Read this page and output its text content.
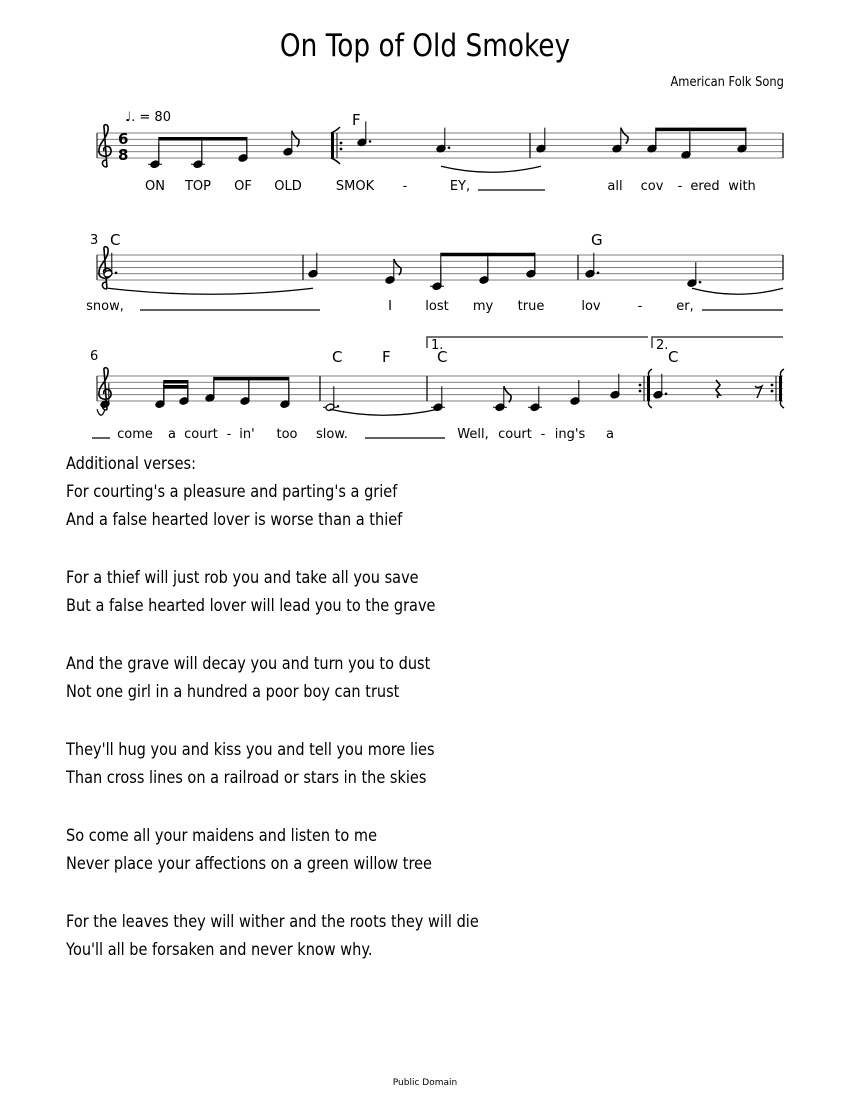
On Top of Old Smokey
American Folk Song
ON TOP OF OLD	SMOK -	EY,	all cov - ered with
F
snow,	I	lost my true	lov	-	er,
C	G
3
come a court - in' too slow.	Well, court - ing's a
C	F	C	C
6
♩. = 80
6
8
1.	2.
Additional verses:
For courting's a pleasure and parting's a grief
And a false hearted lover is worse than a thief
For a thief will just rob you and take all you save
But a false hearted lover will lead you to the grave
And the grave will decay you and turn you to dust
Not one girl in a hundred a poor boy can trust
They'll hug you and kiss you and tell you more lies
Than cross lines on a railroad or stars in the skies
So come all your maidens and listen to me
Never place your affections on a green willow tree
For the leaves they will wither and the roots they will die
You'll all be forsaken and never know why.
Public Domain
